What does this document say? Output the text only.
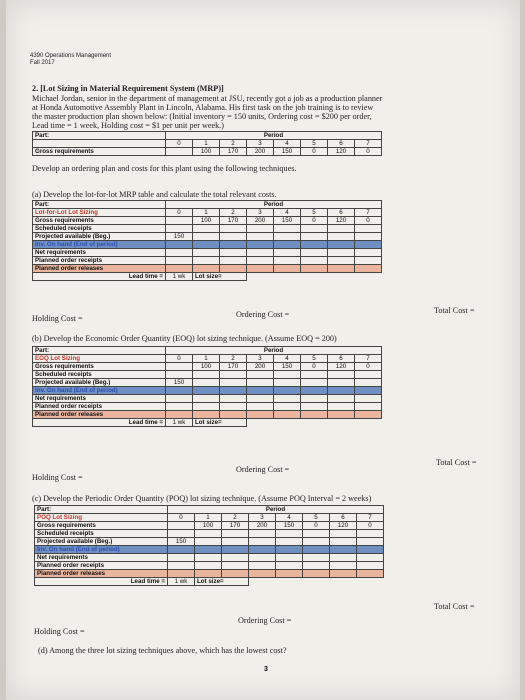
4390 Operations Management
Fall 2017
2. [Lot Sizing in Material Requirement System (MRP)]
Michael Jordan, senior in the department of management at JSU, recently got a job as a production planner
at Honda Automotive Assembly Plant in Lincoln, Alabama. His first task on the job training is to review
the master production plan shown below: (Initial inventory = 150 units, Ordering cost = $200 per order,
Lead time = 1 week, Holding cost = $1 per unit per week.)
Part:	Period							
	0	1	2	3	4	5	6	7
Gross requirements		100	170	200	150	0	120	0
Develop an ordering plan and costs for this plant using the following techniques.
(a) Develop the lot-for-lot MRP table and calculate the total relevant costs.
Part:	Period							
Lot-for-Lot Lot Sizing	0	1	2	3	4	5	6	7
Gross requirements		100	170	200	150	0	120	0
Scheduled receipts								
Projected available (Beg.)	150							
Inv. On hand (End of period)								
Net requirements								
Planned order receipts								
Planned order releases								
Lead time =	1 wk	Lot size=						
Holding Cost =	Ordering Cost =	Total Cost =
(b) Develop the Economic Order Quantity (EOQ) lot sizing technique. (Assume EOQ = 200)
Part:	Period							
EOQ Lot Sizing	0	1	2	3	4	5	6	7
Gross requirements		100	170	200	150	0	120	0
Scheduled receipts								
Projected available (Beg.)	150							
Inv. On hand (End of period)								
Net requirements								
Planned order receipts								
Planned order releases								
Lead time =	1 wk	Lot size=						
Holding Cost =
Ordering Cost =
Total Cost =
(c) Develop the Periodic Order Quantity (POQ) lot sizing technique. (Assume POQ Interval = 2 weeks)
Part:	Period							
POQ Lot Sizing	0	1	2	3	4	5	6	7
Gross requirements		100	170	200	150	0	120	0
Scheduled receipts								
Projected available (Beg.)	150							
Inv. On hand (End of period)								
Net requirements								
Planned order receipts								
Planned order releases								
Lead time =	1 wk	Lot size=						
Holding Cost =
Ordering Cost =
Total Cost =
(d) Among the three lot sizing techniques above, which has the lowest cost?
3
